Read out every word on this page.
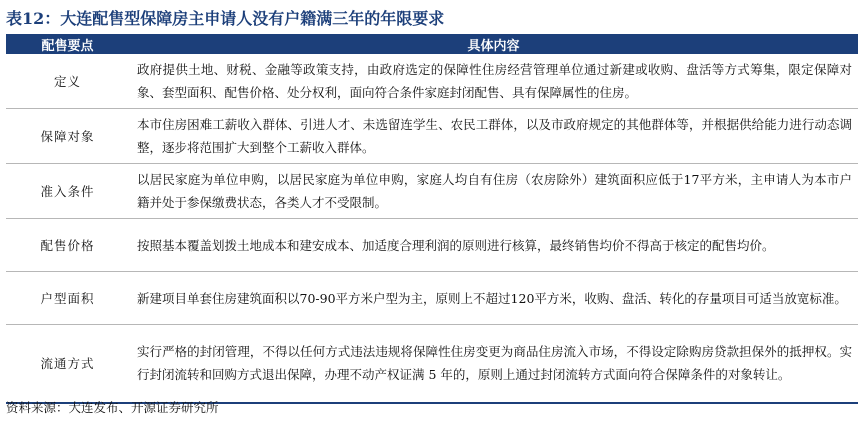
表12：大连配售型保障房主申请人没有户籍满三年的年限要求
配售要点	具体内容
定义	政府提供土地、财税、金融等政策支持，由政府选定的保障性住房经营管理单位通过新建或收购、盘活等方式筹集，限定保障对象、套型面积、配售价格、处分权利，面向符合条件家庭封闭配售、具有保障属性的住房。
保障对象	本市住房困难工薪收入群体、引进人才、未选留连学生、农民工群体，以及市政府规定的其他群体等，并根据供给能力进行动态调整，逐步将范围扩大到整个工薪收入群体。
准入条件	以居民家庭为单位申购，以居民家庭为单位申购，家庭人均自有住房（农房除外）建筑面积应低于17平方米，主申请人为本市户籍并处于参保缴费状态，各类人才不受限制。
配售价格	按照基本覆盖划拨土地成本和建安成本、加适度合理利润的原则进行核算，最终销售均价不得高于核定的配售均价。
户型面积	新建项目单套住房建筑面积以70-90平方米户型为主，原则上不超过120平方米，收购、盘活、转化的存量项目可适当放宽标准。
流通方式	实行严格的封闭管理，不得以任何方式违法违规将保障性住房变更为商品住房流入市场，不得设定除购房贷款担保外的抵押权。实行封闭流转和回购方式退出保障，办理不动产权证满 5 年的，原则上通过封闭流转方式面向符合保障条件的对象转让。
资料来源：大连发布、开源证券研究所
